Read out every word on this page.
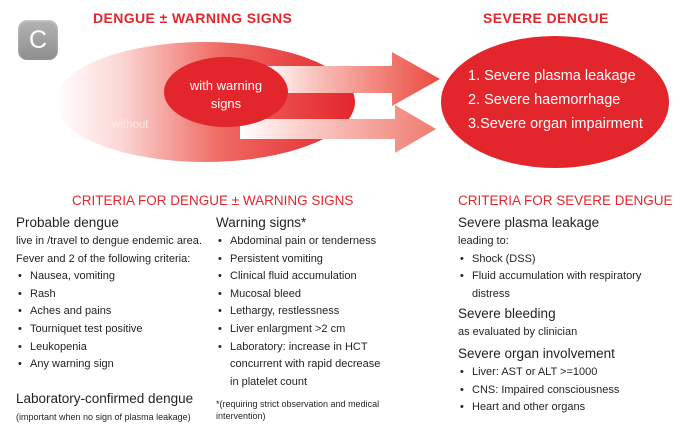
C
DENGUE ± WARNING SIGNS	SEVERE DENGUE
without
with warning
signs
1. Severe plasma leakage
2. Severe haemorrhage
3.Severe organ impairment
CRITERIA FOR DENGUE ± WARNING SIGNS	CRITERIA FOR SEVERE DENGUE
Probable dengue
live in /travel to dengue endemic area.
Fever and 2 of the following criteria:
• Nausea, vomiting
• Rash
• Aches and pains
• Tourniquet test positive
• Leukopenia
• Any warning sign
Laboratory-confirmed dengue
(important when no sign of plasma leakage)
Warning signs*
• Abdominal pain or tenderness
• Persistent vomiting
• Clinical fluid accumulation
• Mucosal bleed
• Lethargy, restlessness
• Liver enlargment >2 cm
• Laboratory: increase in HCT
concurrent with rapid decrease
in platelet count
*(requiring strict observation and medical
intervention)
Severe plasma leakage
leading to:
• Shock (DSS)
• Fluid accumulation with respiratory
distress
Severe bleeding
as evaluated by clinician
Severe organ involvement
• Liver: AST or ALT >=1000
• CNS: Impaired consciousness
• Heart and other organs
